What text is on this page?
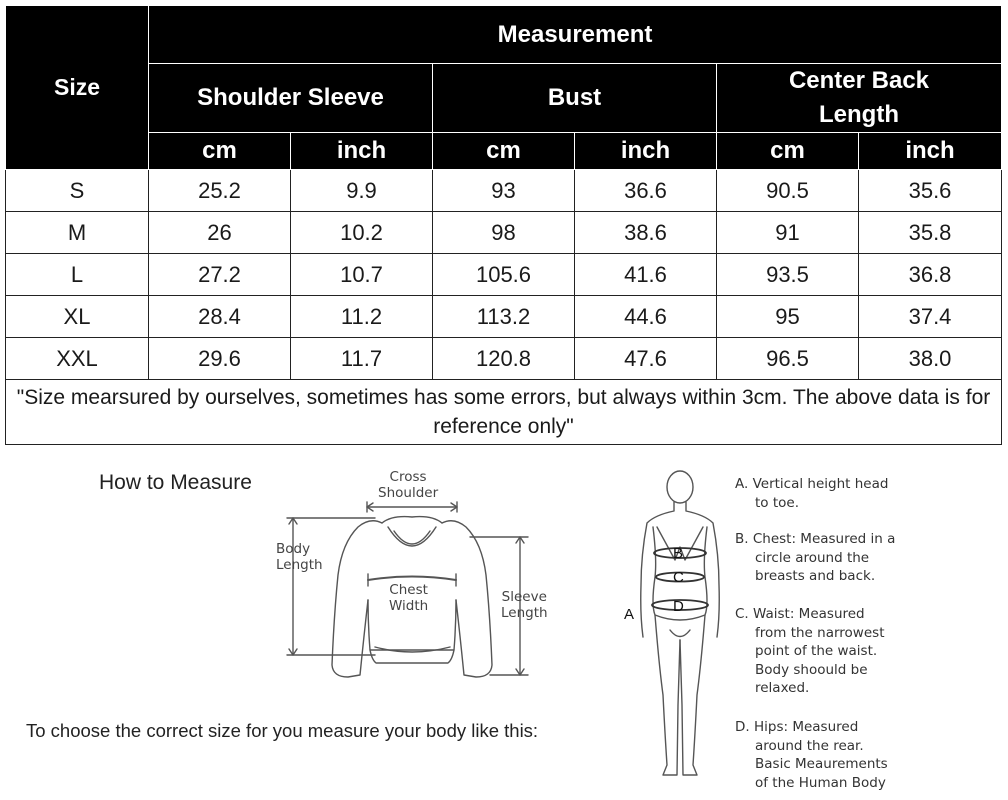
Size	Measurement					
	Shoulder Sleeve		Bust		Center Back Length	
	cm	inch	cm	inch	cm	inch
S	25.2	9.9	93	36.6	90.5	35.6
M	26	10.2	98	38.6	91	35.8
L	27.2	10.7	105.6	41.6	93.5	36.8
XL	28.4	11.2	113.2	44.6	95	37.4
XXL	29.6	11.7	120.8	47.6	96.5	38.0
"Size mearsured by ourselves, sometimes has some errors, but always within 3cm. The above data is for reference only"						
How to Measure	Cross
Shoulder
Body
Length
Chest
Width
Sleeve
Length
To choose the correct size for you measure your body like this:
B
C
D
A
A. Vertical height head
to toe.
B. Chest: Measured in a
circle around the
breasts and back.
C. Waist: Measured
from the narrowest
point of the waist.
Body shoould be
relaxed.
D. Hips: Measured
around the rear.
Basic Meaurements
of the Human Body
